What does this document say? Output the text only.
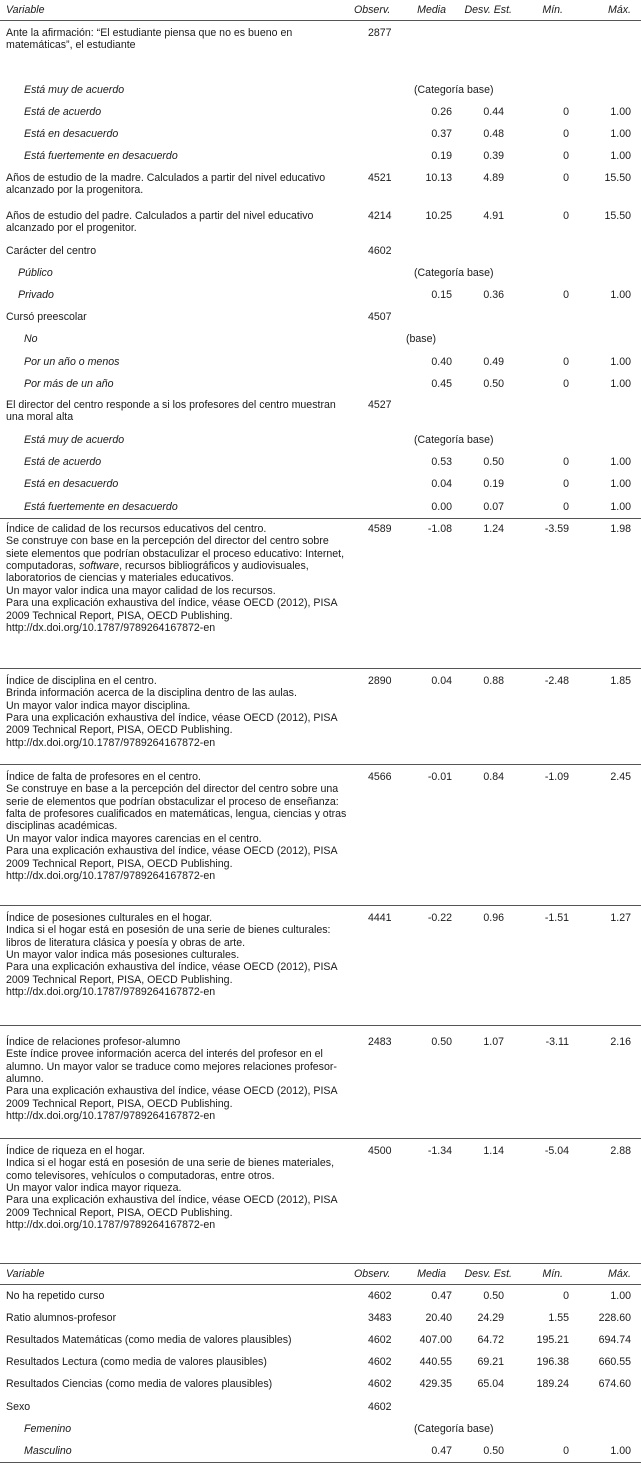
Variable	Observ.	Media	Desv. Est.	Mín.	Máx.
Ante la afirmación: “El estudiante piensa que no es bueno en matemáticas”, el estudiante	2877				
Está muy de acuerdo		(Categoría base)			
Está de acuerdo		0.26	0.44	0	1.00
Está en desacuerdo		0.37	0.48	0	1.00
Está fuertemente en desacuerdo		0.19	0.39	0	1.00
Años de estudio de la madre. Calculados a partir del nivel educativo alcanzado por la progenitora.	4521	10.13	4.89	0	15.50
Años de estudio del padre. Calculados a partir del nivel educativo alcanzado por el progenitor.	4214	10.25	4.91	0	15.50
Carácter del centro	4602				
Público		(Categoría base)			
Privado		0.15	0.36	0	1.00
Cursó preescolar	4507				
No		(base)			
Por un año o menos		0.40	0.49	0	1.00
Por más de un año		0.45	0.50	0	1.00
El director del centro responde a si los profesores del centro muestran una moral alta	4527				
Está muy de acuerdo		(Categoría base)			
Está de acuerdo		0.53	0.50	0	1.00
Está en desacuerdo		0.04	0.19	0	1.00
Está fuertemente en desacuerdo		0.00	0.07	0	1.00

Índice de calidad de los recursos educativos del centro.
Se construye con base en la percepción del director del centro sobre siete elementos que podrían obstaculizar el proceso educativo: Internet, computadoras, software, recursos bibliográficos y audiovisuales, laboratorios de ciencias y materiales educativos.
Un mayor valor indica una mayor calidad de los recursos.
Para una explicación exhaustiva del índice, véase OECD (2012), PISA 2009 Technical Report, PISA, OECD Publishing. http://dx.doi.org/10.1787/9789264167872-en	4589	-1.08	1.24	-3.59	1.98

Índice de disciplina en el centro.
Brinda información acerca de la disciplina dentro de las aulas.
Un mayor valor indica mayor disciplina.
Para una explicación exhaustiva del índice, véase OECD (2012), PISA 2009 Technical Report, PISA, OECD Publishing. http://dx.doi.org/10.1787/9789264167872-en	2890	0.04	0.88	-2.48	1.85

Índice de falta de profesores en el centro.
Se construye en base a la percepción del director del centro sobre una serie de elementos que podrían obstaculizar el proceso de enseñanza: falta de profesores cualificados en matemáticas, lengua, ciencias y otras disciplinas académicas.
Un mayor valor indica mayores carencias en el centro.
Para una explicación exhaustiva del índice, véase OECD (2012), PISA 2009 Technical Report, PISA, OECD Publishing. http://dx.doi.org/10.1787/9789264167872-en	4566	-0.01	0.84	-1.09	2.45

Índice de posesiones culturales en el hogar.
Indica si el hogar está en posesión de una serie de bienes culturales: libros de literatura clásica y poesía y obras de arte.
Un mayor valor indica más posesiones culturales.
Para una explicación exhaustiva del índice, véase OECD (2012), PISA 2009 Technical Report, PISA, OECD Publishing. http://dx.doi.org/10.1787/9789264167872-en	4441	-0.22	0.96	-1.51	1.27

Índice de relaciones profesor-alumno
Este índice provee información acerca del interés del profesor en el alumno. Un mayor valor se traduce como mejores relaciones profesor-alumno.
Para una explicación exhaustiva del índice, véase OECD (2012), PISA 2009 Technical Report, PISA, OECD Publishing. http://dx.doi.org/10.1787/9789264167872-en	2483	0.50	1.07	-3.11	2.16

Índice de riqueza en el hogar.
Indica si el hogar está en posesión de una serie de bienes materiales, como televisores, vehículos o computadoras, entre otros.
Un mayor valor indica mayor riqueza.
Para una explicación exhaustiva del índice, véase OECD (2012), PISA 2009 Technical Report, PISA, OECD Publishing. http://dx.doi.org/10.1787/9789264167872-en	4500	-1.34	1.14	-5.04	2.88
Variable	Observ.	Media	Desv. Est.	Mín.	Máx.
No ha repetido curso	4602	0.47	0.50	0	1.00
Ratio alumnos-profesor	3483	20.40	24.29	1.55	228.60
Resultados Matemáticas (como media de valores plausibles)	4602	407.00	64.72	195.21	694.74
Resultados Lectura (como media de valores plausibles)	4602	440.55	69.21	196.38	660.55
Resultados Ciencias (como media de valores plausibles)	4602	429.35	65.04	189.24	674.60
Sexo	4602				
Femenino		(Categoría base)			
Masculino		0.47	0.50	0	1.00
